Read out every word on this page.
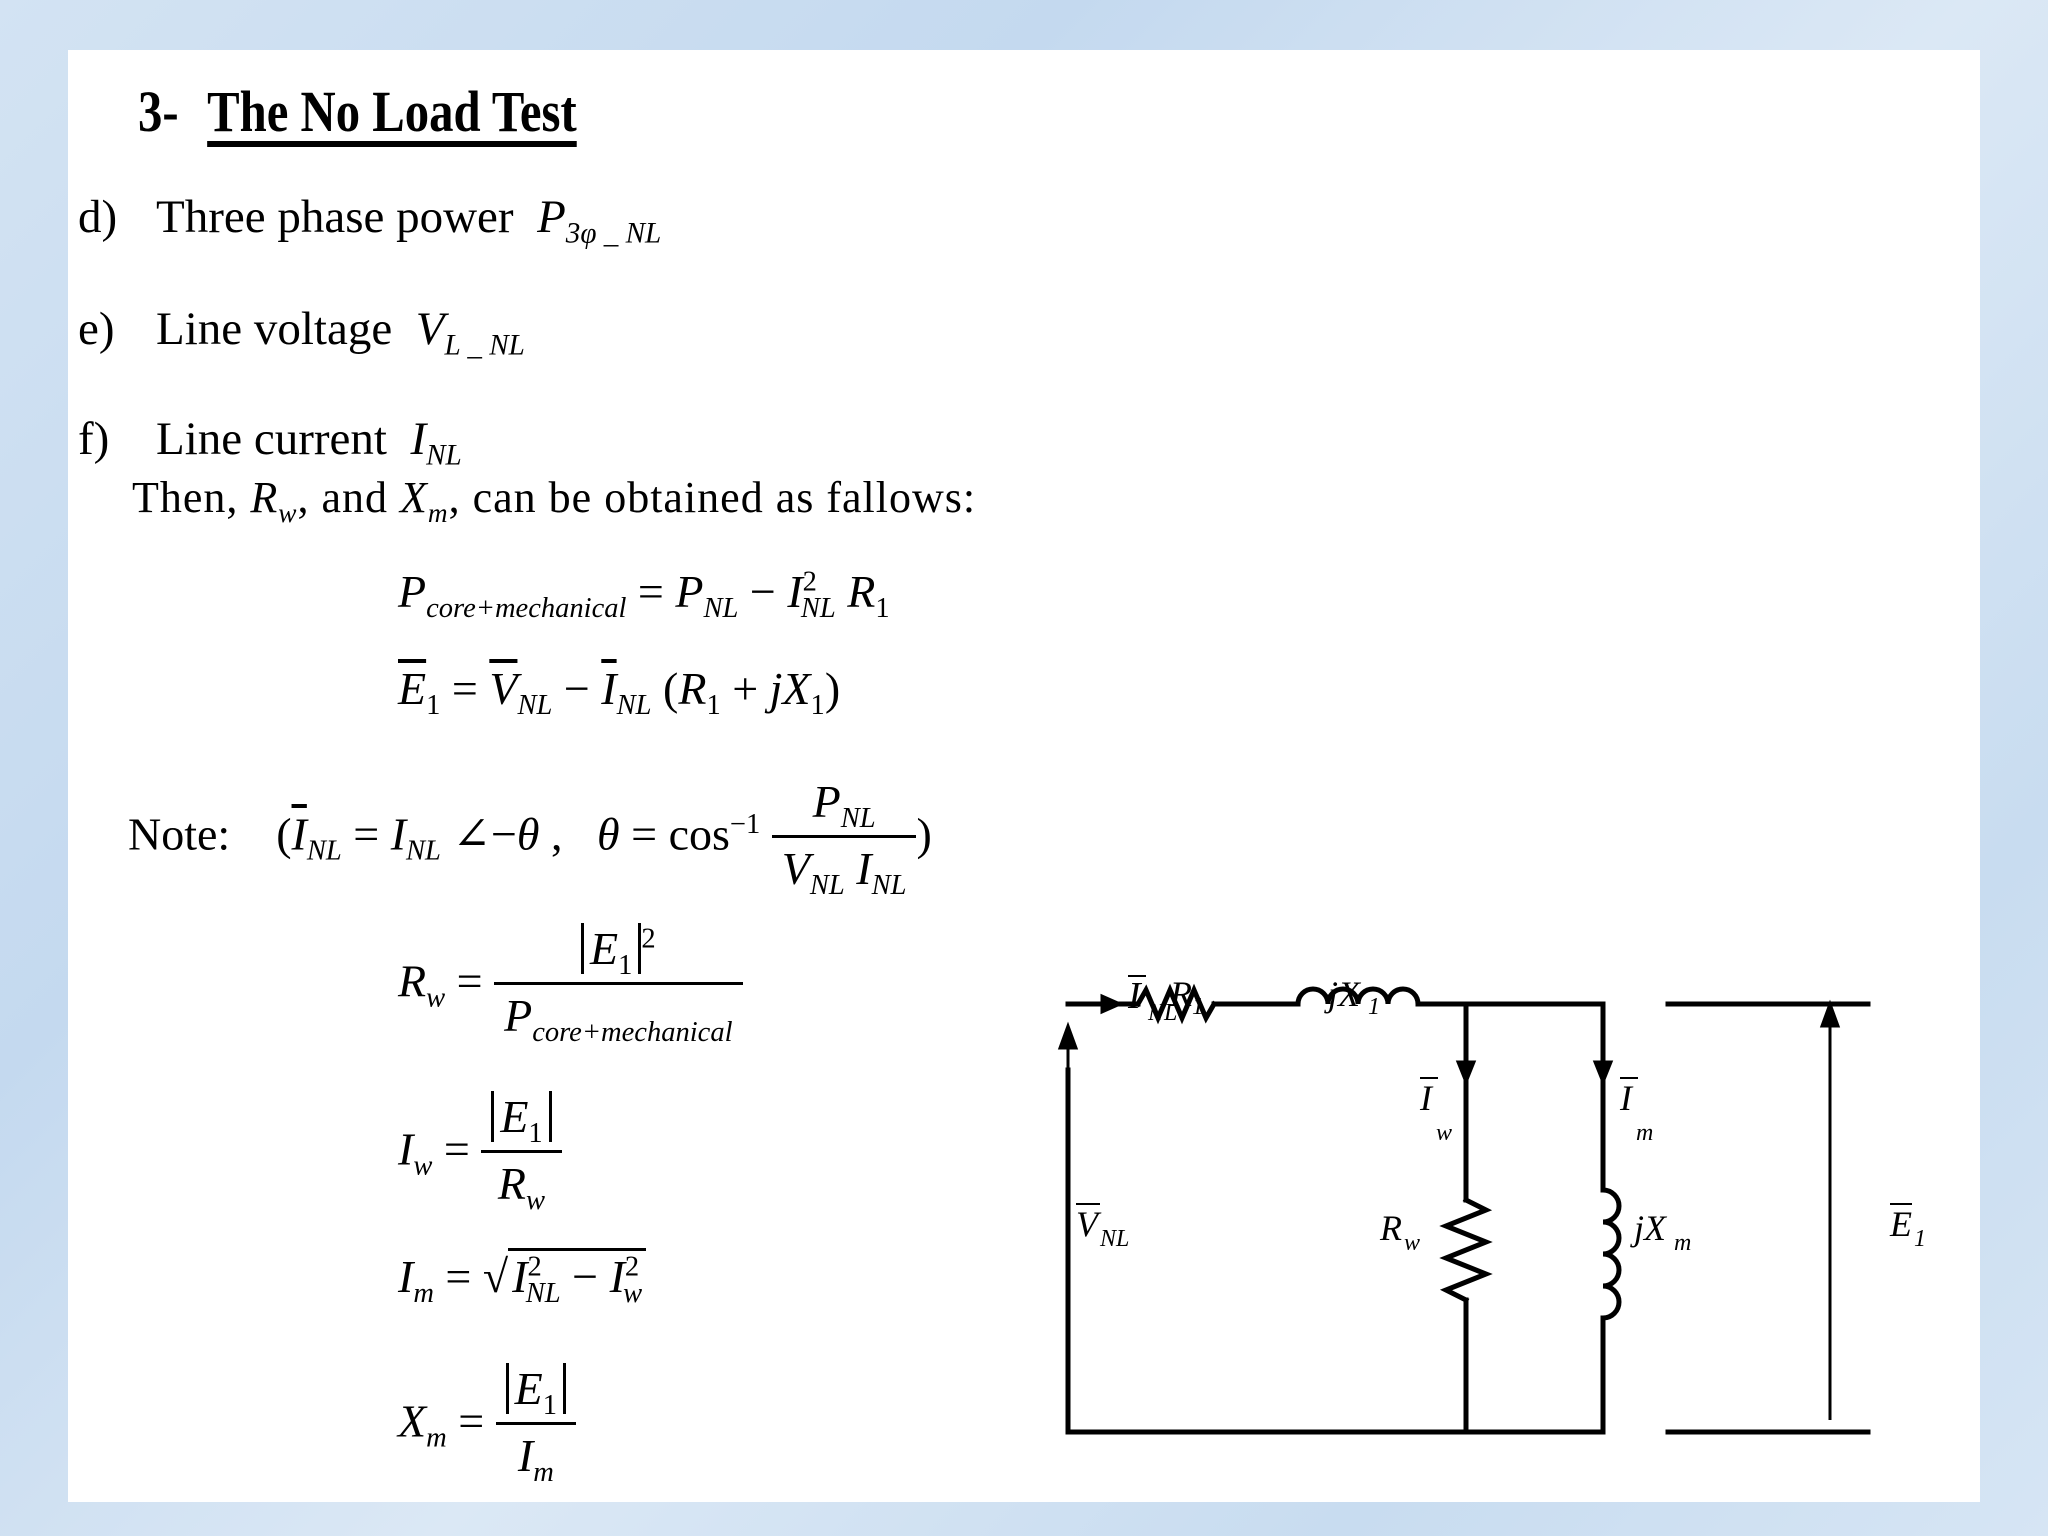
3- The No Load Test
d) Three phase power $P_{3\varphi \_ NL}$
e) Line voltage $V_{L \_ NL}$
f) Line current $I_{NL}$
Then, $R_w$, and $X_m$, can be obtained as fallows:
$P_{core+mechanical} = P_{NL} - I^2_{NL}$ $R_1$
$\overline{E}_1 = \overline{V}_{NL} - \overline{I}_{NL}$ $(R_1 + jX_1)$
Note:    ($\overline{I}_{NL} = I_{NL}$ ∠−θ ,   $\theta = \cos^{-1} \frac{P_{NL}}{V_{NL} I_{NL}}$ )
$R_w = \frac{E_1^2}{P_{core+mechanical}}$
$I_w = \frac{E_1}{R_w}$
$I_m = √I^2_{NL} - I^2_w$
$X_m = \frac{E_1}{I_m}$
I NL
R 1	jX 1
I
w
I
m
V NL	R w	jX m	E 1
